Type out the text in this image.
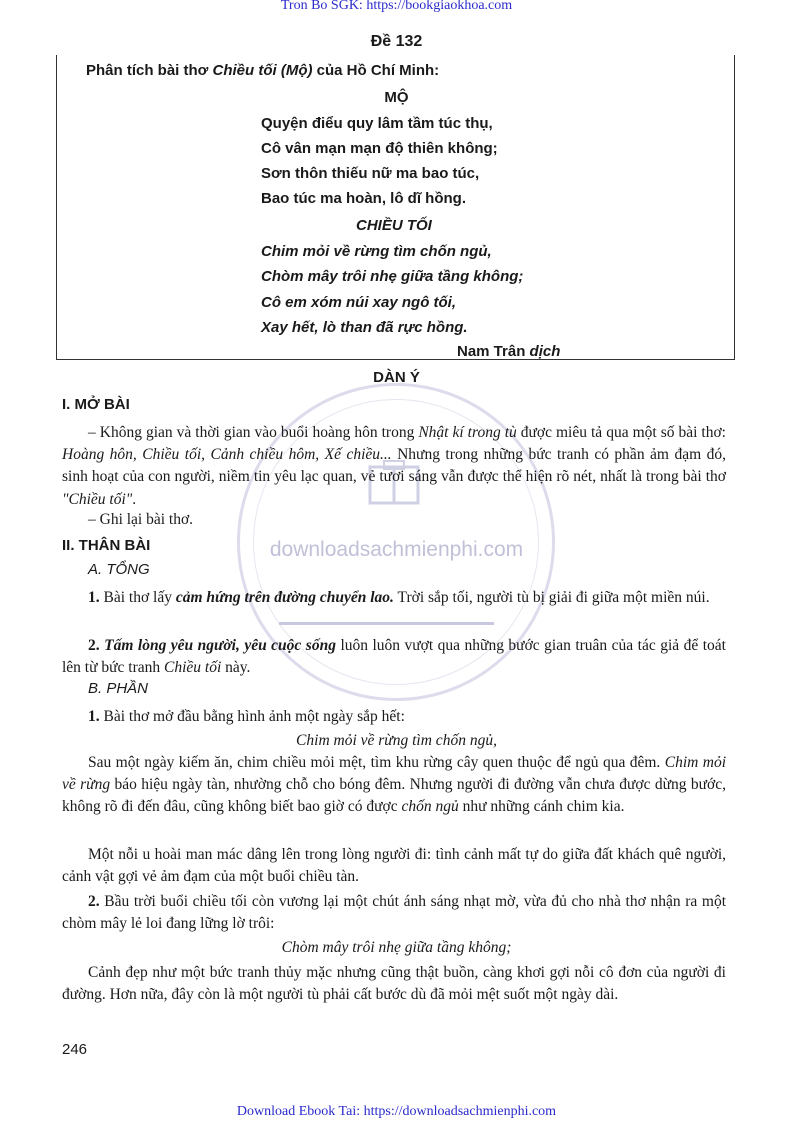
Tron Bo SGK: https://bookgiaokhoa.com
downloadsachmienphi.com
Đề 132
Phân tích bài thơ Chiều tối (Mộ) của Hồ Chí Minh:
MỘ
Quyện điểu quy lâm tầm túc thụ,
Cô vân mạn mạn độ thiên không;
Sơn thôn thiếu nữ ma bao túc,
Bao túc ma hoàn, lô dĩ hồng.
CHIỀU TỐI
Chim mỏi về rừng tìm chốn ngủ,
Chòm mây trôi nhẹ giữa tầng không;
Cô em xóm núi xay ngô tối,
Xay hết, lò than đã rực hồng.
Nam Trân dịch
DÀN Ý
I. MỞ BÀI

– Không gian và thời gian vào buổi hoàng hôn trong Nhật kí trong tù được miêu tả qua một số bài thơ: Hoàng hôn, Chiều tối, Cảnh chiều hôm, Xế chiều... Nhưng trong những bức tranh có phần ảm đạm đó, sinh hoạt của con người, niềm tin yêu lạc quan, vẻ tươi sáng vẫn được thể hiện rõ nét, nhất là trong bài thơ "Chiều tối".

– Ghi lại bài thơ.

II. THÂN BÀI
A. TỔNG

1. Bài thơ lấy cảm hứng trên đường chuyển lao. Trời sắp tối, người tù bị giải đi giữa một miền núi.

2. Tấm lòng yêu người, yêu cuộc sống luôn luôn vượt qua những bước gian truân của tác giả để toát lên từ bức tranh Chiều tối này.

B. PHẦN

1. Bài thơ mở đầu bằng hình ảnh một ngày sắp hết:

Chim mỏi về rừng tìm chốn ngủ,

Sau một ngày kiếm ăn, chim chiều mỏi mệt, tìm khu rừng cây quen thuộc để ngủ qua đêm. Chim mỏi về rừng báo hiệu ngày tàn, nhường chỗ cho bóng đêm. Nhưng người đi đường vẫn chưa được dừng bước, không rõ đi đến đâu, cũng không biết bao giờ có được chốn ngủ như những cánh chim kia.

Một nỗi u hoài man mác dâng lên trong lòng người đi: tình cảnh mất tự do giữa đất khách quê người, cảnh vật gợi vẻ ảm đạm của một buổi chiều tàn.

2. Bầu trời buổi chiều tối còn vương lại một chút ánh sáng nhạt mờ, vừa đủ cho nhà thơ nhận ra một chòm mây lẻ loi đang lững lờ trôi:

Chòm mây trôi nhẹ giữa tầng không;

Cảnh đẹp như một bức tranh thủy mặc nhưng cũng thật buồn, càng khơi gợi nỗi cô đơn của người đi đường. Hơn nữa, đây còn là một người tù phải cất bước dù đã mỏi mệt suốt một ngày dài.

246
Download Ebook Tai: https://downloadsachmienphi.com
